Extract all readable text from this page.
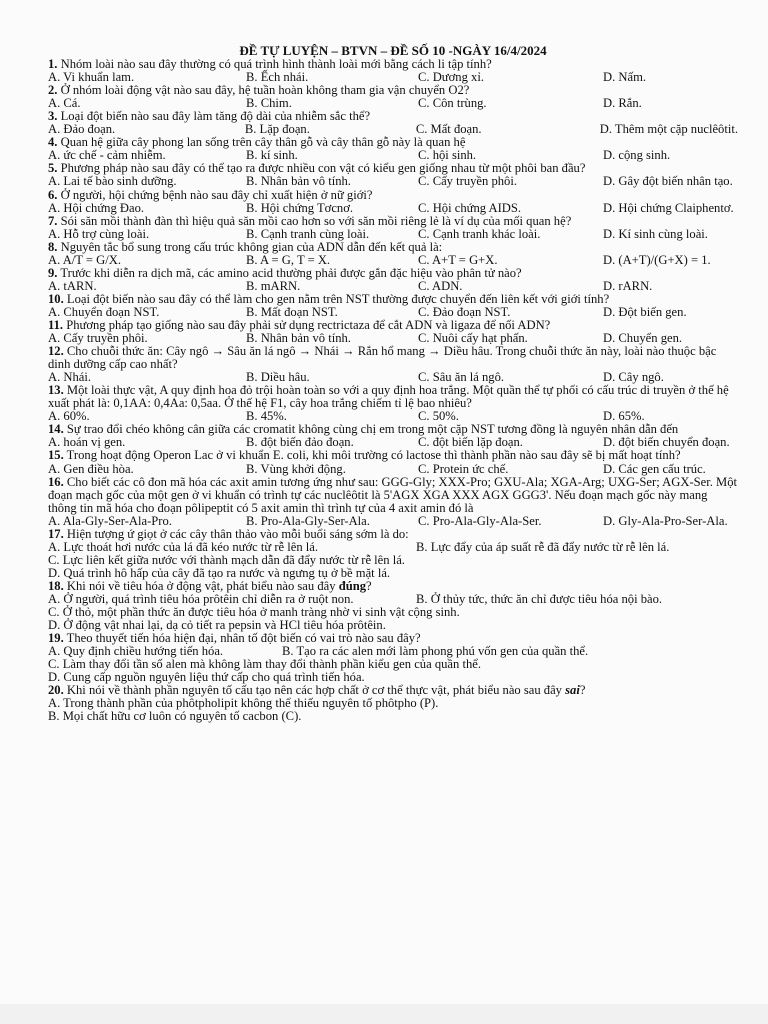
ĐỀ TỰ LUYỆN – BTVN – ĐỀ SỐ 10 -NGÀY 16/4/2024
1. Nhóm loài nào sau đây thường có quá trình hình thành loài mới bằng cách li tập tính?
A. Vi khuẩn lam.	B. Ếch nhái.	C. Dương xỉ.	D. Nấm.
2. Ở nhóm loài động vật nào sau đây, hệ tuần hoàn không tham gia vận chuyển O2?
A. Cá.	B. Chim.	C. Côn trùng.	D. Rắn.
3. Loại đột biến nào sau đây làm tăng độ dài của nhiễm sắc thể?
A. Đảo đoạn.	B. Lặp đoạn.	C. Mất đoạn.	D. Thêm một cặp nuclêôtit.
4. Quan hệ giữa cây phong lan sống trên cây thân gỗ và cây thân gỗ này là quan hệ
A. ức chế - cảm nhiễm.	B. kí sinh.	C. hội sinh.	D. cộng sinh.
5. Phương pháp nào sau đây có thể tạo ra được nhiều con vật có kiểu gen giống nhau từ một phôi ban đầu?
A. Lai tế bào sinh dưỡng.	B. Nhân bản vô tính.	C. Cấy truyền phôi.	D. Gây đột biến nhân tạo.
6. Ở người, hội chứng bệnh nào sau đây chỉ xuất hiện ở nữ giới?
A. Hội chứng Đao.	B. Hội chứng Tơcnơ.	C. Hội chứng AIDS.	D. Hội chứng Claiphentơ.
7. Sói săn mồi thành đàn thì hiệu quả săn mồi cao hơn so với săn mồi riêng lẻ là ví dụ của mối quan hệ?
A. Hỗ trợ cùng loài.	B. Cạnh tranh cùng loài.	C. Cạnh tranh khác loài.	D. Kí sinh cùng loài.
8. Nguyên tắc bổ sung trong cấu trúc không gian của ADN dẫn đến kết quả là:
A. A/T = G/X.	B. A = G, T = X.	C. A+T = G+X.	D. (A+T)/(G+X) = 1.
9. Trước khi diễn ra dịch mã, các amino acid thường phải được gắn đặc hiệu vào phân tử nào?
A. tARN.	B. mARN.	C. ADN.	D. rARN.
10. Loại đột biến nào sau đây có thể làm cho gen nằm trên NST thường được chuyển đến liên kết với giới tính?
A. Chuyển đoạn NST.	B. Mất đoạn NST.	C. Đảo đoạn NST.	D. Đột biến gen.
11. Phương pháp tạo giống nào sau đây phải sử dụng rectrictaza để cắt ADN và ligaza để nối ADN?
A. Cấy truyền phôi.	B. Nhân bản vô tính.	C. Nuôi cấy hạt phấn.	D. Chuyển gen.
12. Cho chuỗi thức ăn: Cây ngô → Sâu ăn lá ngô → Nhái → Rắn hổ mang → Diều hâu. Trong chuỗi thức ăn này, loài nào thuộc bậc dinh dưỡng cấp cao nhất?
A. Nhái.	B. Diều hâu.	C. Sâu ăn lá ngô.	D. Cây ngô.
13. Một loài thực vật, A quy định hoa đỏ trội hoàn toàn so với a quy định hoa trắng. Một quần thể tự phối có cấu trúc di truyền ở thế hệ xuất phát là: 0,1AA: 0,4Aa: 0,5aa. Ở thế hệ F1, cây hoa trắng chiếm tỉ lệ bao nhiêu?
A. 60%.	B. 45%.	C. 50%.	D. 65%.
14. Sự trao đổi chéo không cân giữa các cromatit không cùng chị em trong một cặp NST tương đồng là nguyên nhân dẫn đến
A. hoán vị gen.	B. đột biến đảo đoạn.	C. đột biến lặp đoạn.	D. đột biến chuyển đoạn.
15. Trong hoạt động Operon Lac ở vi khuẩn E. coli, khi môi trường có lactose thì thành phần nào sau đây sẽ bị mất hoạt tính?
A. Gen điều hòa.	B. Vùng khởi động.	C. Protein ức chế.	D. Các gen cấu trúc.
16. Cho biết các cô đon mã hóa các axit amin tương ứng như sau: GGG-Gly; XXX-Pro; GXU-Ala; XGA-Arg; UXG-Ser; AGX-Ser. Một đoạn mạch gốc của một gen ở vi khuẩn có trình tự các nuclêôtit là 5'AGX XGA XXX AGX GGG3'. Nếu đoạn mạch gốc này mang thông tin mã hóa cho đoạn pôlipeptit có 5 axit amin thì trình tự của 4 axit amin đó là
A. Ala-Gly-Ser-Ala-Pro.	B. Pro-Ala-Gly-Ser-Ala.	C. Pro-Ala-Gly-Ala-Ser.	D. Gly-Ala-Pro-Ser-Ala.
17. Hiện tượng ứ giọt ở các cây thân thảo vào mỗi buổi sáng sớm là do:
A. Lực thoát hơi nước của lá đã kéo nước từ rễ lên lá.	B. Lực đẩy của áp suất rễ đã đẩy nước từ rễ lên lá.
C. Lực liên kết giữa nước với thành mạch dẫn đã đẩy nước từ rễ lên lá.
D. Quá trình hô hấp của cây đã tạo ra nước và ngưng tụ ở bề mặt lá.
18. Khi nói về tiêu hóa ở động vật, phát biểu nào sau đây đúng?
A. Ở người, quá trình tiêu hóa prôtêin chỉ diễn ra ở ruột non.	B. Ở thủy tức, thức ăn chỉ được tiêu hóa nội bào.
C. Ở thỏ, một phần thức ăn được tiêu hóa ở manh tràng nhờ vi sinh vật cộng sinh.
D. Ở động vật nhai lại, dạ cỏ tiết ra pepsin và HCl tiêu hóa prôtêin.
19. Theo thuyết tiến hóa hiện đại, nhân tố đột biến có vai trò nào sau đây?
A. Quy định chiều hướng tiến hóa.	B. Tạo ra các alen mới làm phong phú vốn gen của quần thể.
C. Làm thay đổi tần số alen mà không làm thay đổi thành phần kiểu gen của quần thể.
D. Cung cấp nguồn nguyên liệu thứ cấp cho quá trình tiến hóa.
20. Khi nói về thành phần nguyên tố cấu tạo nên các hợp chất ở cơ thể thực vật, phát biểu nào sau đây sai?
A. Trong thành phần của phôtpholipit không thể thiếu nguyên tố phôtpho (P).
B. Mọi chất hữu cơ luôn có nguyên tố cacbon (C).
